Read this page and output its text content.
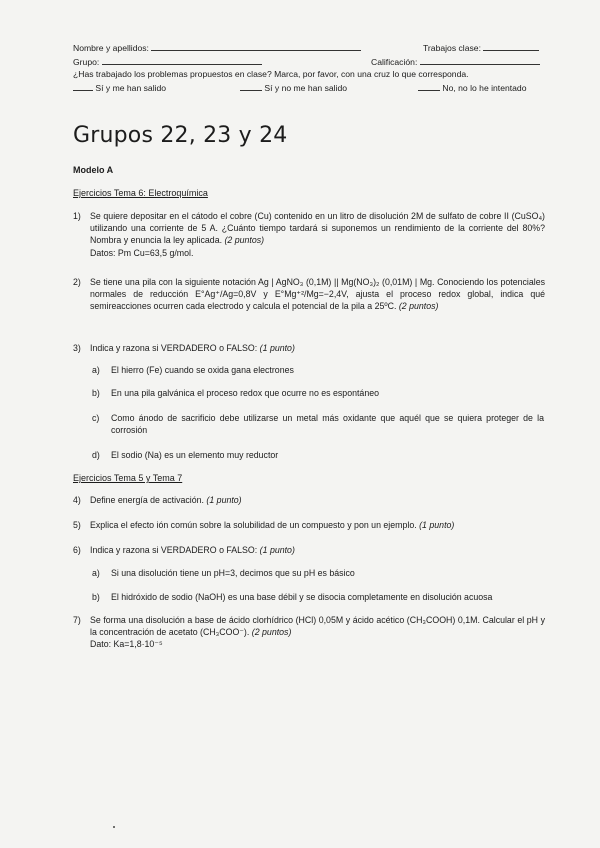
Nombre y apellidos:	Trabajos clase:
Grupo:	Calificación:
¿Has trabajado los problemas propuestos en clase? Marca, por favor, con una cruz lo que corresponda.
Sí y me han salido	Sí y no me han salido	No, no lo he intentado
Grupos 22, 23 y 24
Modelo A
Ejercicios Tema 6: Electroquímica
1) Se quiere depositar en el cátodo el cobre (Cu) contenido en un litro de disolución 2M de sulfato de cobre II (CuSO₄) utilizando una corriente de 5 A. ¿Cuánto tiempo tardará si suponemos un rendimiento de la corriente del 80%? Nombra y enuncia la ley aplicada. (2 puntos)
Datos: Pm Cu=63,5 g/mol.
2) Se tiene una pila con la siguiente notación Ag | AgNO₃ (0,1M) || Mg(NO₃)₂ (0,01M) | Mg. Conociendo los potenciales normales de reducción E°Ag⁺/Ag=0,8V y E°Mg⁺²/Mg=−2,4V, ajusta el proceso redox global, indica qué semireacciones ocurren cada electrodo y calcula el potencial de la pila a 25ºC. (2 puntos)
3) Indica y razona si VERDADERO o FALSO: (1 punto)
a) El hierro (Fe) cuando se oxida gana electrones
b) En una pila galvánica el proceso redox que ocurre no es espontáneo
c) Como ánodo de sacrificio debe utilizarse un metal más oxidante que aquél que se quiera proteger de la corrosión
d) El sodio (Na) es un elemento muy reductor
Ejercicios Tema 5 y Tema 7
4) Define energía de activación. (1 punto)
5) Explica el efecto ión común sobre la solubilidad de un compuesto y pon un ejemplo. (1 punto)
6) Indica y razona si VERDADERO o FALSO: (1 punto)
a) Si una disolución tiene un pH=3, decimos que su pH es básico
b) El hidróxido de sodio (NaOH) es una base débil y se disocia completamente en disolución acuosa
7) Se forma una disolución a base de ácido clorhídrico (HCl) 0,05M y ácido acético (CH₃COOH) 0,1M. Calcular el pH y la concentración de acetato (CH₃COO⁻). (2 puntos)
Dato: Ka=1,8·10⁻⁵
